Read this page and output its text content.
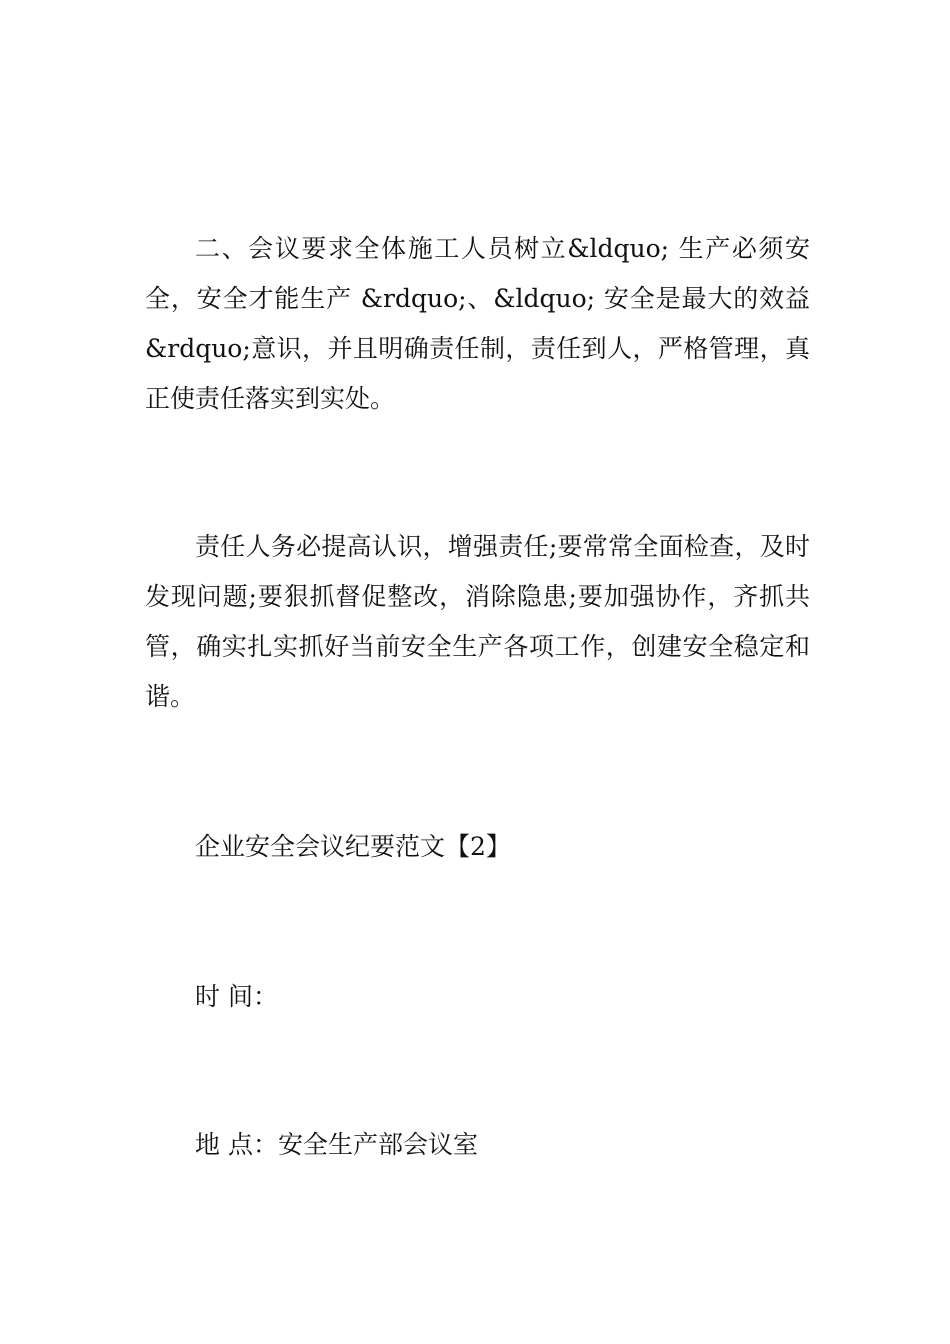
二、会议要求全体施工人员树立&ldquo; 生产必须安全，安全才能生产 &rdquo;、&ldquo; 安全是最大的效益 &rdquo;意识，并且明确责任制，责任到人，严格管理，真正使责任落实到实处。

责任人务必提高认识，增强责任;要常常全面检查，及时发现问题;要狠抓督促整改，消除隐患;要加强协作，齐抓共管，确实扎实抓好当前安全生产各项工作，创建安全稳定和谐。

企业安全会议纪要范文【2】

时 间：

地 点：安全生产部会议室
